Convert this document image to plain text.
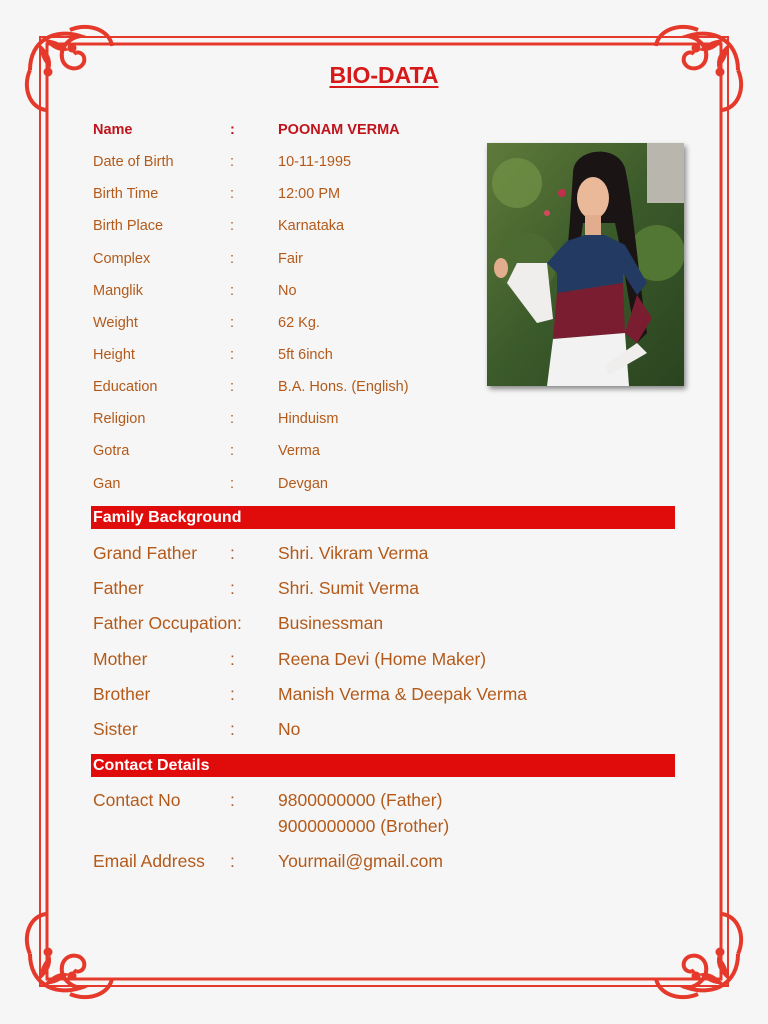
BIO-DATA
Name	:	POONAM VERMA
Date of Birth	:	10-11-1995
Birth Time	:	12:00 PM
Birth Place	:	Karnataka
Complex	:	Fair
Manglik	:	No
Weight	:	62 Kg.
Height	:	5ft 6inch
Education	:	B.A. Hons. (English)
Religion	:	Hinduism
Gotra	:	Verma
Gan	:	Devgan
Family Background
Grand Father	:	Shri. Vikram Verma
Father	:	Shri. Sumit Verma
Father Occupation:	Businessman
Mother	:	Reena Devi (Home Maker)
Brother	:	Manish Verma & Deepak Verma
Sister	:	No
Contact Details
Contact No	:	9800000000 (Father)
9000000000 (Brother)
Email Address	:	Yourmail@gmail.com
